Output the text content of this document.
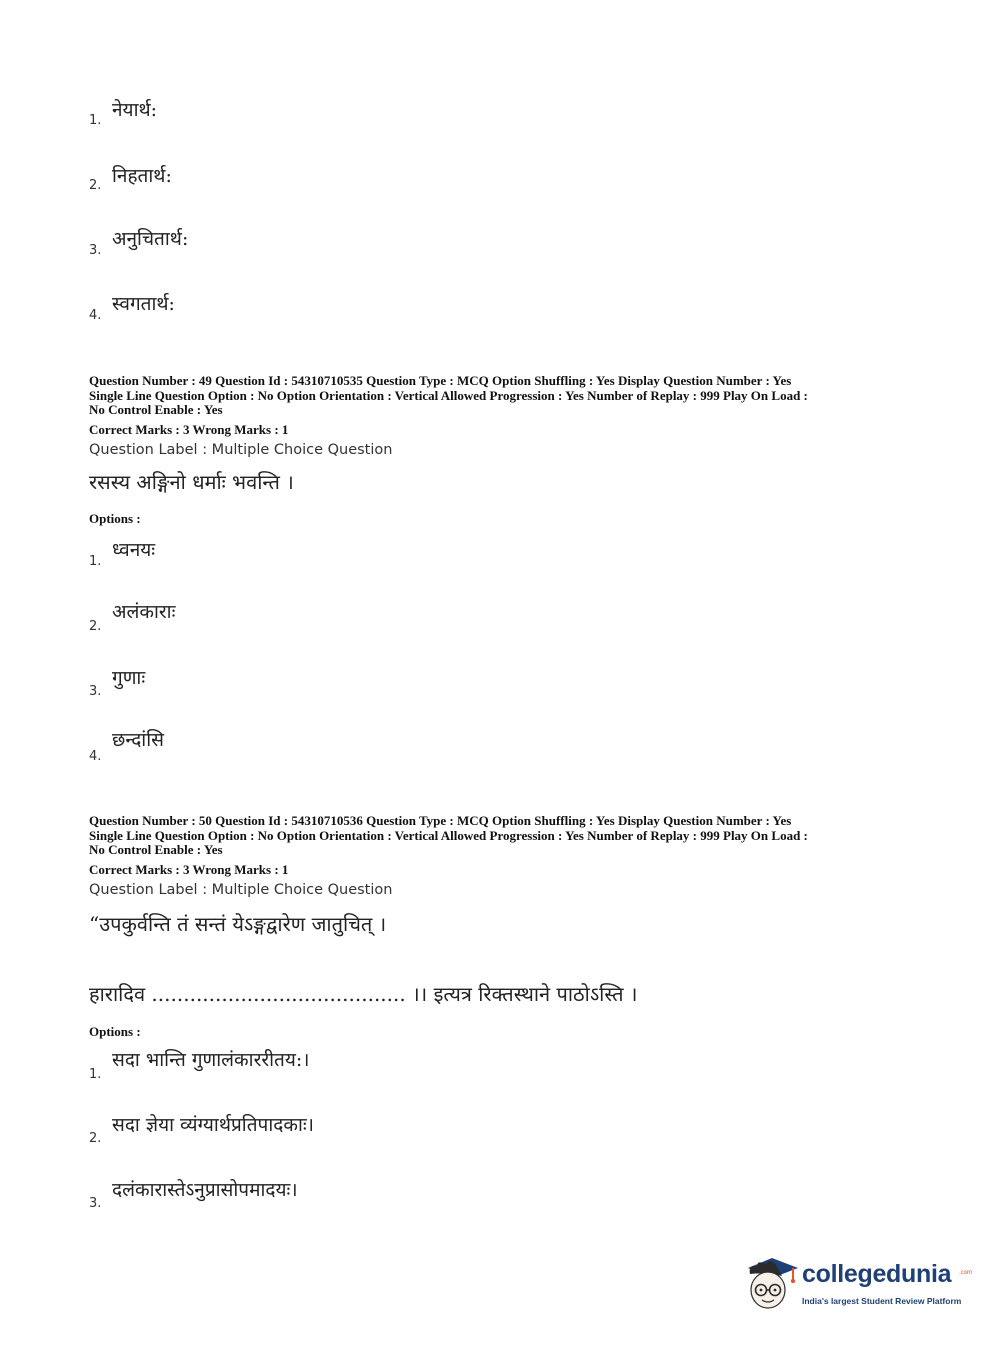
1. नेयार्थ:
2. निहतार्थ:
3.
अनुचितार्थ:
4.
स्वगतार्थ:
Question Number : 49 Question Id : 54310710535 Question Type : MCQ Option Shuffling : Yes Display Question Number : Yes
Single Line Question Option : No Option Orientation : Vertical Allowed Progression : Yes Number of Replay : 999 Play On Load :
No Control Enable : Yes
Correct Marks : 3 Wrong Marks : 1
Question Label : Multiple Choice Question
रसस्य अङ्गिनो धर्माः भवन्ति ।
Options :
1.
ध्वनयः
2.
अलंकाराः
3.
गुणाः
4.
छन्दांसि
Question Number : 50 Question Id : 54310710536 Question Type : MCQ Option Shuffling : Yes Display Question Number : Yes
Single Line Question Option : No Option Orientation : Vertical Allowed Progression : Yes Number of Replay : 999 Play On Load :
No Control Enable : Yes
Correct Marks : 3 Wrong Marks : 1
Question Label : Multiple Choice Question
“उपकुर्वन्ति तं सन्तं येऽङ्गद्वारेण जातुचित् ।
हारादिव ........................................ ।। इत्यत्र रिक्तस्थाने पाठोऽस्ति ।
Options :
1.
सदा भान्ति गुणालंकाररीतय:।
2.
सदा ज्ञेया व्यंग्यार्थप्रतिपादकाः।
3.
दलंकारास्तेऽनुप्रासोपमादयः।
collegedunia .com
India's largest Student Review Platform
